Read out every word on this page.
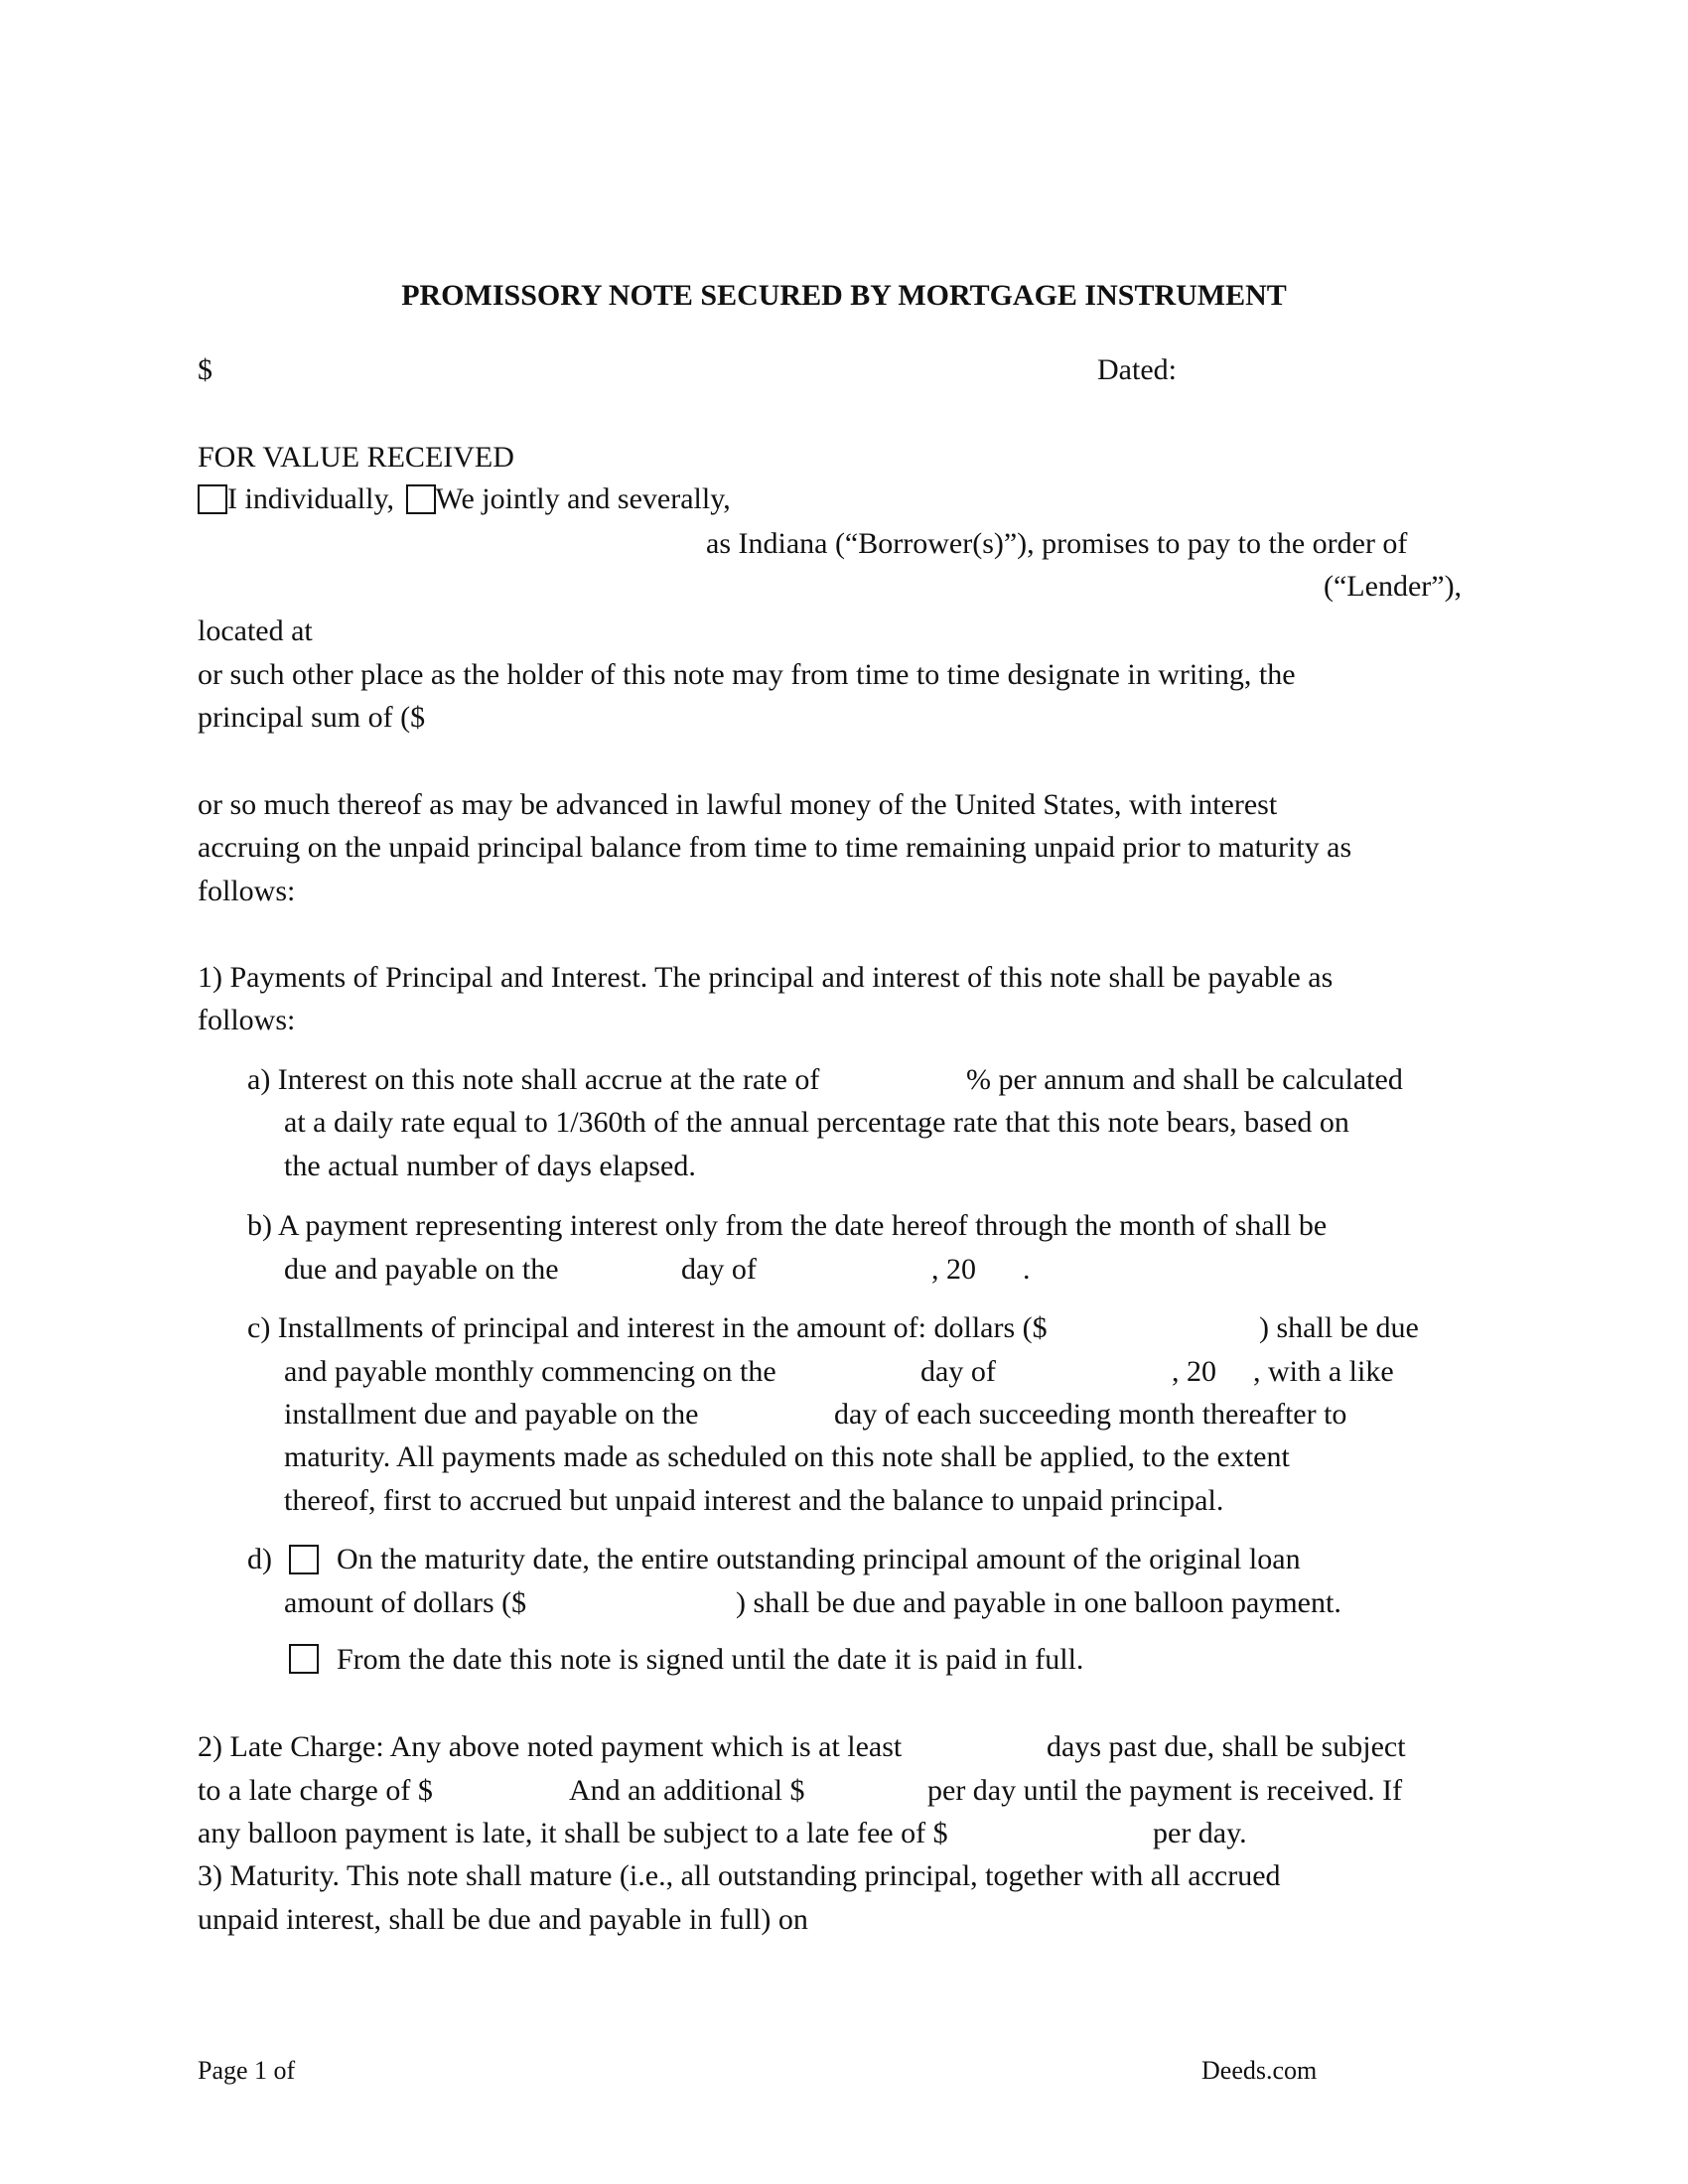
PROMISSORY NOTE SECURED BY MORTGAGE INSTRUMENT
$	Dated:
FOR VALUE RECEIVED
I individually, We jointly and severally,
as Indiana (“Borrower(s)”), promises to pay to the order of
(“Lender”),
located at
or such other place as the holder of this note may from time to time designate in writing, the
principal sum of ($
or so much thereof as may be advanced in lawful money of the United States, with interest
accruing on the unpaid principal balance from time to time remaining unpaid prior to maturity as
follows:
1) Payments of Principal and Interest. The principal and interest of this note shall be payable as
follows:
a) Interest on this note shall accrue at the rate of	% per annum and shall be calculated
at a daily rate equal to 1/360th of the annual percentage rate that this note bears, based on
the actual number of days elapsed.
b) A payment representing interest only from the date hereof through the month of shall be
due and payable on the	day of	, 20 .
c) Installments of principal and interest in the amount of: dollars ($	) shall be due
and payable monthly commencing on the	day of	, 20 , with a like
installment due and payable on the	day of each succeeding month thereafter to
maturity. All payments made as scheduled on this note shall be applied, to the extent
thereof, first to accrued but unpaid interest and the balance to unpaid principal.
d) On the maturity date, the entire outstanding principal amount of the original loan
amount of dollars ($	) shall be due and payable in one balloon payment.
From the date this note is signed until the date it is paid in full.
2) Late Charge: Any above noted payment which is at least	days past due, shall be subject
to a late charge of $	And an additional $	per day until the payment is received. If
any balloon payment is late, it shall be subject to a late fee of $	per day.
3) Maturity. This note shall mature (i.e., all outstanding principal, together with all accrued
unpaid interest, shall be due and payable in full) on
Page 1 of	Deeds.com
